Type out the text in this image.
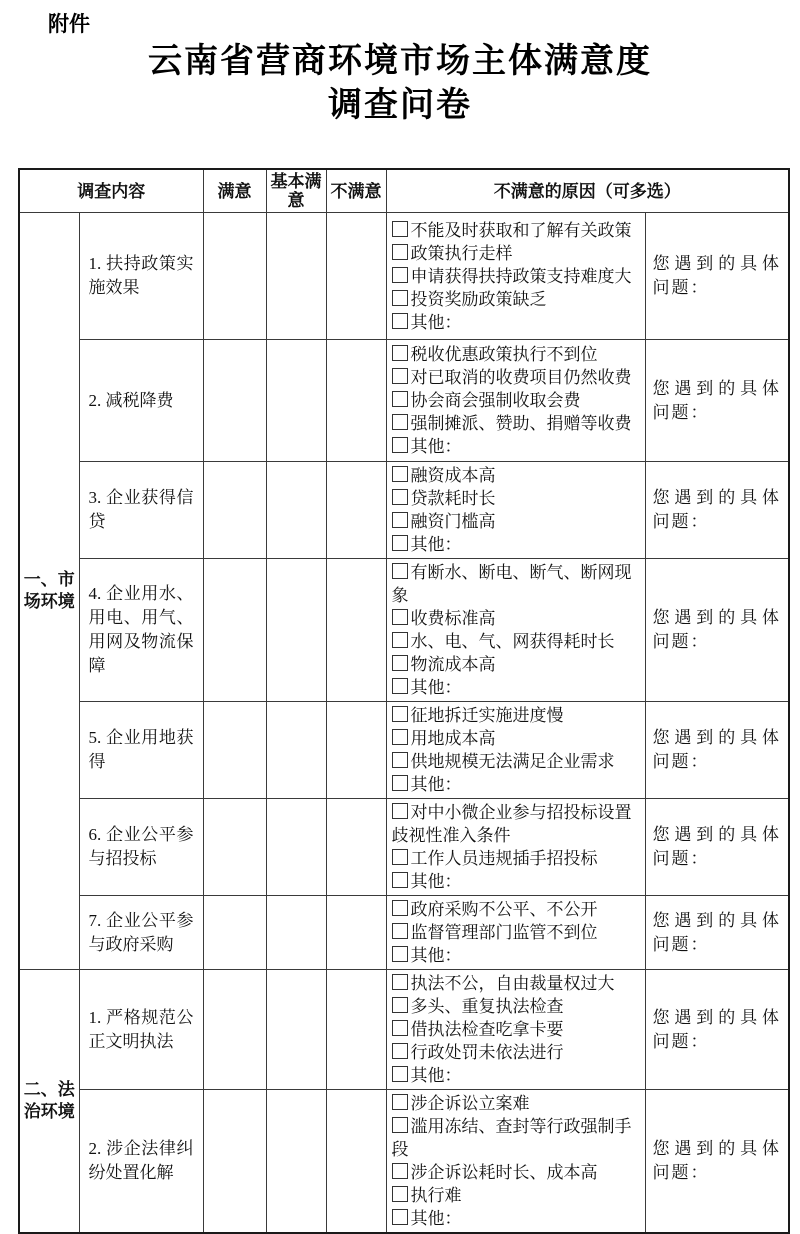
附件
云南省营商环境市场主体满意度
调查问卷
调查内容		满意	基本满意	不满意	不满意的原因（可多选）	
一、市场环境	1. 扶持政策实施效果				不能及时获取和了解有关政策
政策执行走样
申请获得扶持政策支持难度大
投资奖励政策缺乏
其他：	您遇到的具体问题：
	2. 减税降费				税收优惠政策执行不到位
对已取消的收费项目仍然收费
协会商会强制收取会费
强制摊派、赞助、捐赠等收费
其他：	您遇到的具体问题：
	3. 企业获得信贷				融资成本高
贷款耗时长
融资门槛高
其他：	您遇到的具体问题：
	4. 企业用水、用电、用气、用网及物流保障				有断水、断电、断气、断网现象
收费标准高
水、电、气、网获得耗时长
物流成本高
其他：	您遇到的具体问题：
	5. 企业用地获得				征地拆迁实施进度慢
用地成本高
供地规模无法满足企业需求
其他：	您遇到的具体问题：
	6. 企业公平参与招投标				对中小微企业参与招投标设置歧视性准入条件
工作人员违规插手招投标
其他：	您遇到的具体问题：
	7. 企业公平参与政府采购				政府采购不公平、不公开
监督管理部门监管不到位
其他：	您遇到的具体问题：
二、法治环境	1. 严格规范公正文明执法				执法不公，自由裁量权过大
多头、重复执法检查
借执法检查吃拿卡要
行政处罚未依法进行
其他：	您遇到的具体问题：
	2. 涉企法律纠纷处置化解				涉企诉讼立案难
滥用冻结、查封等行政强制手段
涉企诉讼耗时长、成本高
执行难
其他：	您遇到的具体问题：
